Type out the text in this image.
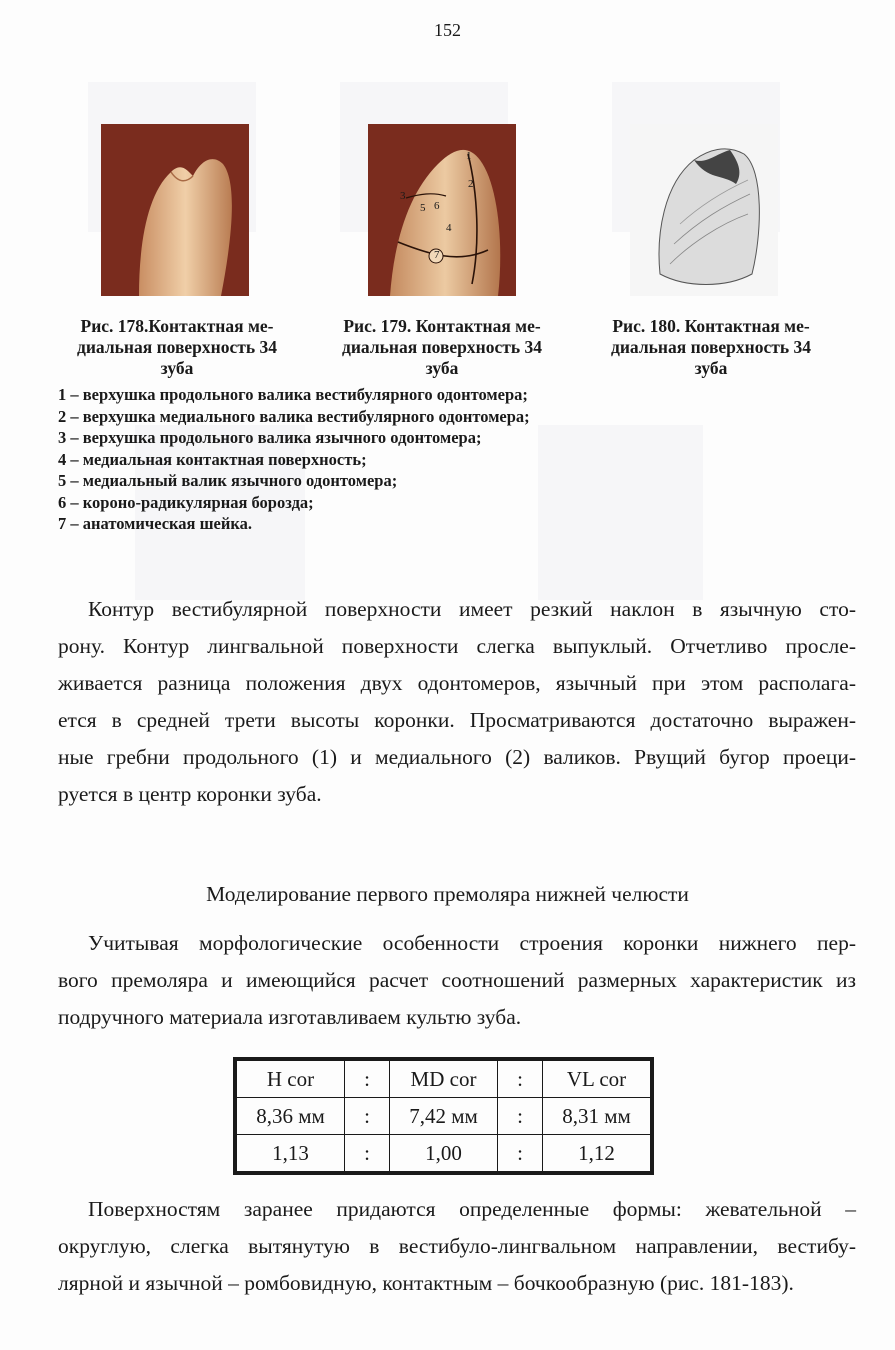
152
1
2
3
4
5 6
7
Рис. 178.Контактная ме-
диальная поверхность 34
зуба
Рис. 179. Контактная ме-
диальная поверхность 34
зуба
Рис. 180. Контактная ме-
диальная поверхность 34
зуба
1 – верхушка продольного валика вестибулярного одонтомера;
2 – верхушка медиального валика вестибулярного одонтомера;
3 – верхушка продольного валика язычного одонтомера;
4 – медиальная контактная поверхность;
5 – медиальный валик язычного одонтомера;
6 – короно-радикулярная борозда;
7 – анатомическая шейка.
Контур вестибулярной поверхности имеет резкий наклон в язычную сто-
рону. Контур лингвальной поверхности слегка выпуклый. Отчетливо просле-
живается разница положения двух одонтомеров, язычный при этом располага-
ется в средней трети высоты коронки. Просматриваются достаточно выражен-
ные гребни продольного (1) и медиального (2) валиков. Рвущий бугор проеци-
руется в центр коронки зуба.
Моделирование первого премоляра нижней челюсти
Учитывая морфологические особенности строения коронки нижнего пер-
вого премоляра и имеющийся расчет соотношений размерных характеристик из
подручного материала изготавливаем культю зуба.
H cor	:	MD cor	:	VL cor
8,36 мм	:	7,42 мм	:	8,31 мм
1,13	:	1,00	:	1,12
Поверхностям заранее придаются определенные формы: жевательной –
округлую, слегка вытянутую в вестибуло-лингвальном направлении, вестибу-
лярной и язычной – ромбовидную, контактным – бочкообразную (рис. 181-183).
